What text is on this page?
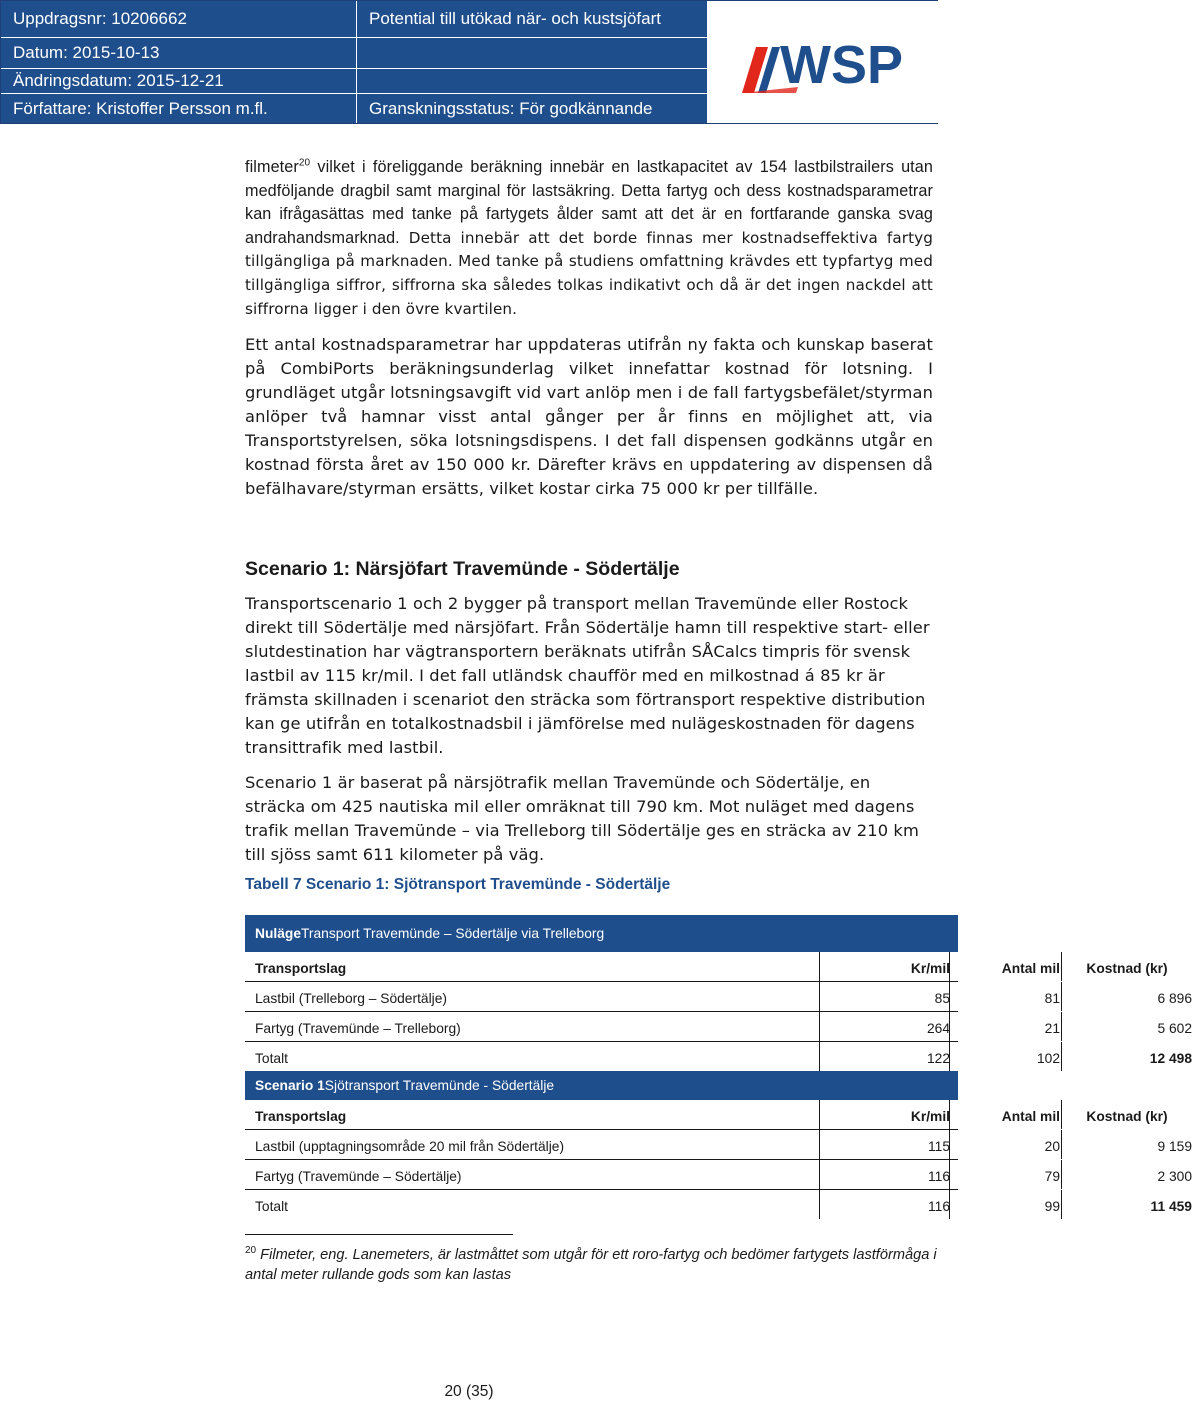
Uppdragsnr: 10206662	Potential till utökad när- och kustsjöfart
Datum: 2015-10-13
Ändringsdatum: 2015-12-21
Författare: Kristoffer Persson m.fl.	Granskningsstatus: För godkännande
WSP

filmeter$^{20}$ vilket i föreliggande beräkning innebär en lastkapacitet av 154 lastbilstrailers utan medföljande dragbil samt marginal för lastsäkring. Detta fartyg och dess kostnadsparametrar kan ifrågasättas med tanke på fartygets ålder samt att det är en fortfarande ganska svag andrahandsmarknad. Detta innebär att det borde finnas mer kostnadseffektiva fartyg tillgängliga på marknaden. Med tanke på studiens omfattning krävdes ett typfartyg med tillgängliga siffror, siffrorna ska således tolkas indikativt och då är det ingen nackdel att siffrorna ligger i den övre kvartilen.

Ett antal kostnadsparametrar har uppdateras utifrån ny fakta och kunskap baserat på CombiPorts beräkningsunderlag vilket innefattar kostnad för lotsning. I grundläget utgår lotsningsavgift vid vart anlöp men i de fall fartygsbefälet/styrman anlöper två hamnar visst antal gånger per år finns en möjlighet att, via Transportstyrelsen, söka lotsningsdispens. I det fall dispensen godkänns utgår en kostnad första året av 150 000 kr. Därefter krävs en uppdatering av dispensen då befälhavare/styrman ersätts, vilket kostar cirka 75 000 kr per tillfälle.

Scenario 1: Närsjöfart Travemünde - Södertälje

Transportscenario 1 och 2 bygger på transport mellan Travemünde eller Rostock direkt till Södertälje med närsjöfart. Från Södertälje hamn till respektive start- eller slutdestination har vägtransportern beräknats utifrån SÅCalcs timpris för svensk lastbil av 115 kr/mil. I det fall utländsk chaufför med en milkostnad á 85 kr är främsta skillnaden i scenariot den sträcka som förtransport respektive distribution kan ge utifrån en totalkostnadsbil i jämförelse med nulägeskostnaden för dagens transittrafik med lastbil.

Scenario 1 är baserat på närsjötrafik mellan Travemünde och Södertälje, en sträcka om 425 nautiska mil eller omräknat till 790 km. Mot nuläget med dagens trafik mellan Travemünde – via Trelleborg till Södertälje ges en sträcka av 210 km till sjöss samt 611 kilometer på väg.

Tabell 7 Scenario 1: Sjötransport Travemünde - Södertälje
Nuläge Transport Travemünde – Södertälje via Trelleborg
Transportslag	Kr/mil	Antal mil	Kostnad (kr)
Lastbil (Trelleborg – Södertälje)	85	81	6 896
Fartyg (Travemünde – Trelleborg)	264	21	5 602
Totalt	122	102	12 498
Scenario 1 Sjötransport Travemünde - Södertälje
Transportslag	Kr/mil	Antal mil	Kostnad (kr)
Lastbil (upptagningsområde 20 mil från Södertälje)	115	20	9 159
Fartyg (Travemünde – Södertälje)	116	79	2 300
Totalt	116	99	11 459
$^{20}$ Filmeter, eng. Lanemeters, är lastmåttet som utgår för ett roro-fartyg och bedömer fartygets lastförmåga i antal meter rullande gods som kan lastas
20 (35)
